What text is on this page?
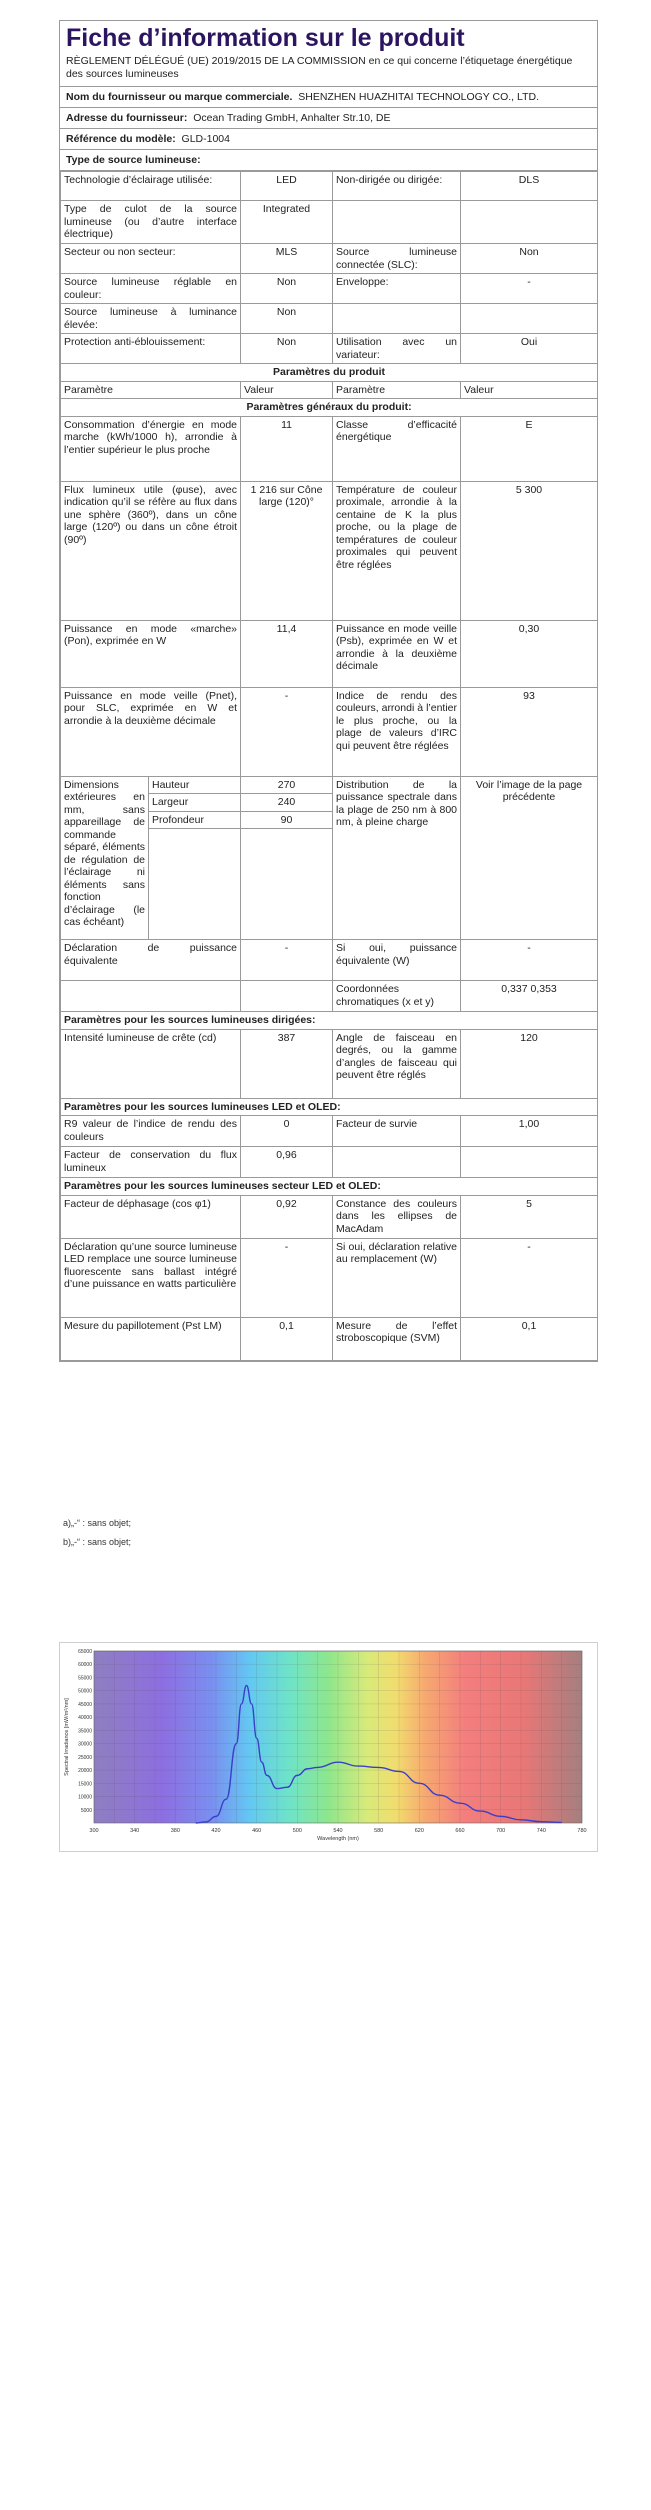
Fiche d’information sur le produit
RÈGLEMENT DÉLÉGUÉ (UE) 2019/2015 DE LA COMMISSION en ce qui concerne l’étiquetage énergétique des sources lumineuses
Nom du fournisseur ou marque commerciale. SHENZHEN HUAZHITAI TECHNOLOGY CO., LTD.
Adresse du fournisseur: Ocean Trading GmbH, Anhalter Str.10, DE
Référence du modèle: GLD-1004
Type de source lumineuse:
Technologie d’éclairage utilisée:		LED	Non-dirigée ou dirigée:	DLS
Type de culot de la source lumineuse (ou d’autre interface électrique)		Integrated		
Secteur ou non secteur:		MLS	Source lumineuse connectée (SLC):	Non
Source lumineuse réglable en couleur:		Non	Enveloppe:	-
Source lumineuse à luminance élevée:		Non		
Protection anti-éblouissement:		Non	Utilisation avec un variateur:	Oui
Paramètres du produit				
Paramètre		Valeur	Paramètre	Valeur
Paramètres généraux du produit:				
Consommation d’énergie en mode marche (kWh/1000 h), arrondie à l’entier supérieur le plus proche		11	Classe d’efficacité énergétique	E
Flux lumineux utile (φuse), avec indication qu’il se réfère au flux dans une sphère (360º), dans un cône large (120º) ou dans un cône étroit (90º)		1 216 sur Cône large (120)°	Température de couleur proximale, arrondie à la centaine de K la plus proche, ou la plage de températures de couleur proximales qui peuvent être réglées	5 300
Puissance en mode «marche» (Pon), exprimée en W		11,4	Puissance en mode veille (Psb), exprimée en W et arrondie à la deuxième décimale	0,30
Puissance en mode veille (Pnet), pour SLC, exprimée en W et arrondie à la deuxième décimale		-	Indice de rendu des couleurs, arrondi à l’entier le plus proche, ou la plage de valeurs d’IRC qui peuvent être réglées	93
Dimensions extérieures en mm, sans appareillage de commande séparé, éléments de régulation de l’éclairage ni éléments sans fonction d’éclairage (le cas échéant)	Hauteur	270	Distribution de la puissance spectrale dans la plage de 250 nm à 800 nm, à pleine charge	Voir l’image de la page précédente
	Largeur	240		
	Profondeur	90		

Déclaration de puissance équivalente		-	Si oui, puissance équivalente (W)	-
			Coordonnées chromatiques (x et y)	0,337 0,353
Paramètres pour les sources lumineuses dirigées:				
Intensité lumineuse de crête (cd)		387	Angle de faisceau en degrés, ou la gamme d’angles de faisceau qui peuvent être réglés	120
Paramètres pour les sources lumineuses LED et OLED:				
R9 valeur de l’indice de rendu des couleurs		0	Facteur de survie	1,00
Facteur de conservation du flux lumineux		0,96		
Paramètres pour les sources lumineuses secteur LED et OLED:				
Facteur de déphasage (cos φ1)		0,92	Constance des couleurs dans les ellipses de MacAdam	5
Déclaration qu’une source lumineuse LED remplace une source lumineuse fluorescente sans ballast intégré d’une puissance en watts particulière		-	Si oui, déclaration relative au remplacement (W)	-
Mesure du papillotement (Pst LM)		0,1	Mesure de l’effet stroboscopique (SVM)	0,1
a)„-“ : sans objet;
b)„-“ : sans objet;
300	340	380	420	460	500	540	580	620	660	700	740	780
5000
10000
15000
20000
25000
30000
35000
40000
45000
50000
55000
60000
65000
Wavelength (nm)
Spectral Irradiance [mW/m²/nm]
